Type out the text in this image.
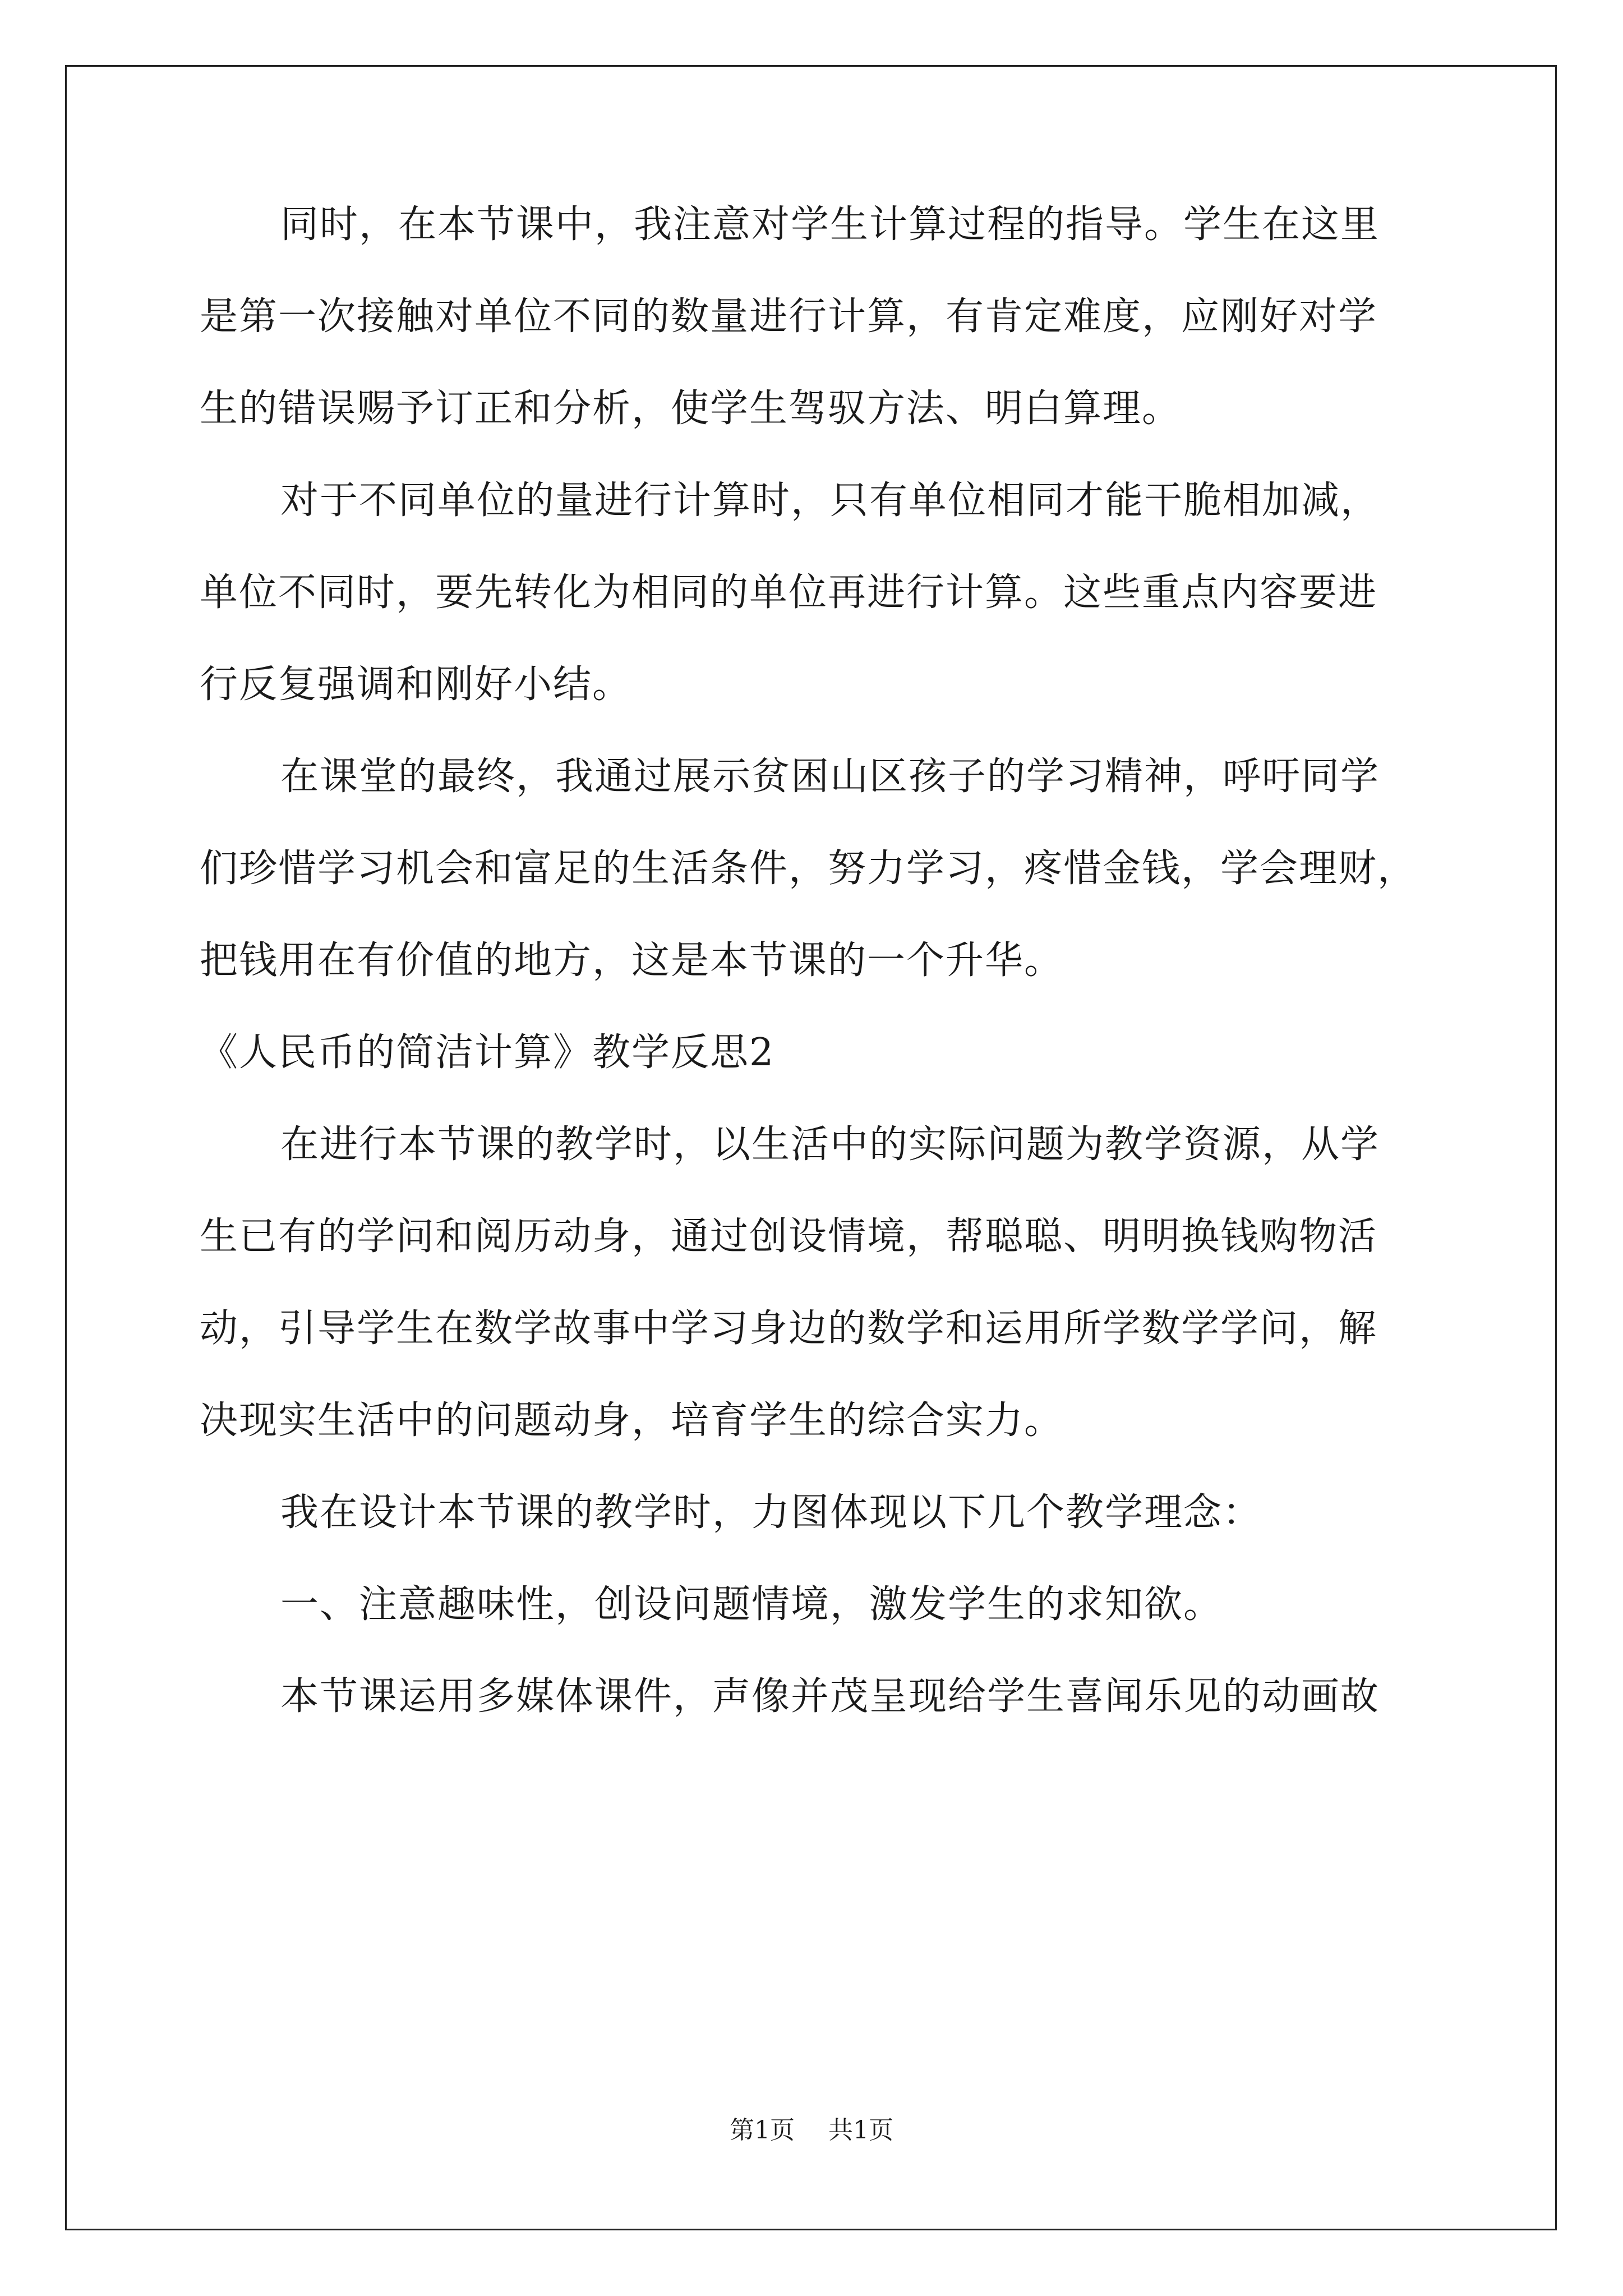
同时，在本节课中，我注意对学生计算过程的指导。学生在这里
是第一次接触对单位不同的数量进行计算，有肯定难度，应刚好对学
生的错误赐予订正和分析，使学生驾驭方法、明白算理。
对于不同单位的量进行计算时，只有单位相同才能干脆相加减，
单位不同时，要先转化为相同的单位再进行计算。这些重点内容要进
行反复强调和刚好小结。
在课堂的最终，我通过展示贫困山区孩子的学习精神，呼吁同学
们珍惜学习机会和富足的生活条件，努力学习，疼惜金钱，学会理财，
把钱用在有价值的地方，这是本节课的一个升华。
《人民币的简洁计算》教学反思2
在进行本节课的教学时，以生活中的实际问题为教学资源，从学
生已有的学问和阅历动身，通过创设情境，帮聪聪、明明换钱购物活
动，引导学生在数学故事中学习身边的数学和运用所学数学学问，解
决现实生活中的问题动身，培育学生的综合实力。
我在设计本节课的教学时，力图体现以下几个教学理念：
一、注意趣味性，创设问题情境，激发学生的求知欲。
本节课运用多媒体课件，声像并茂呈现给学生喜闻乐见的动画故
第1页 共1页
